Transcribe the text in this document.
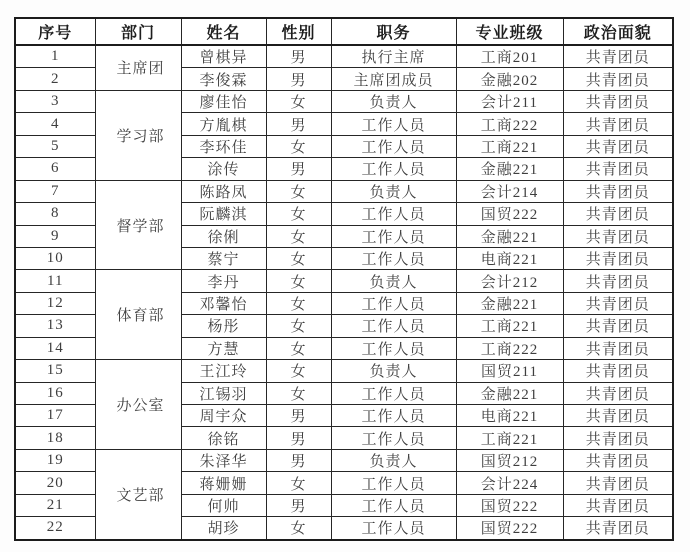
序号	部门	姓名	性别	职务	专业班级	政治面貌
1	主席团	曾棋异	男	执行主席	工商201	共青团员
2		李俊霖	男	主席团成员	金融202	共青团员
3	学习部	廖佳怡	女	负责人	会计211	共青团员
4		方胤棋	男	工作人员	工商222	共青团员
5		李环佳	女	工作人员	工商221	共青团员
6		涂传	男	工作人员	金融221	共青团员
7	督学部	陈路凤	女	负责人	会计214	共青团员
8		阮麟淇	女	工作人员	国贸222	共青团员
9		徐俐	女	工作人员	金融221	共青团员
10		蔡宁	女	工作人员	电商221	共青团员
11	体育部	李丹	女	负责人	会计212	共青团员
12		邓馨怡	女	工作人员	金融221	共青团员
13		杨彤	女	工作人员	工商221	共青团员
14		方慧	女	工作人员	工商222	共青团员
15	办公室	王江玲	女	负责人	国贸211	共青团员
16		江锡羽	女	工作人员	金融221	共青团员
17		周宇众	男	工作人员	电商221	共青团员
18		徐铭	男	工作人员	工商221	共青团员
19	文艺部	朱泽华	男	负责人	国贸212	共青团员
20		蒋姗姗	女	工作人员	会计224	共青团员
21		何帅	男	工作人员	国贸222	共青团员
22		胡珍	女	工作人员	国贸222	共青团员
